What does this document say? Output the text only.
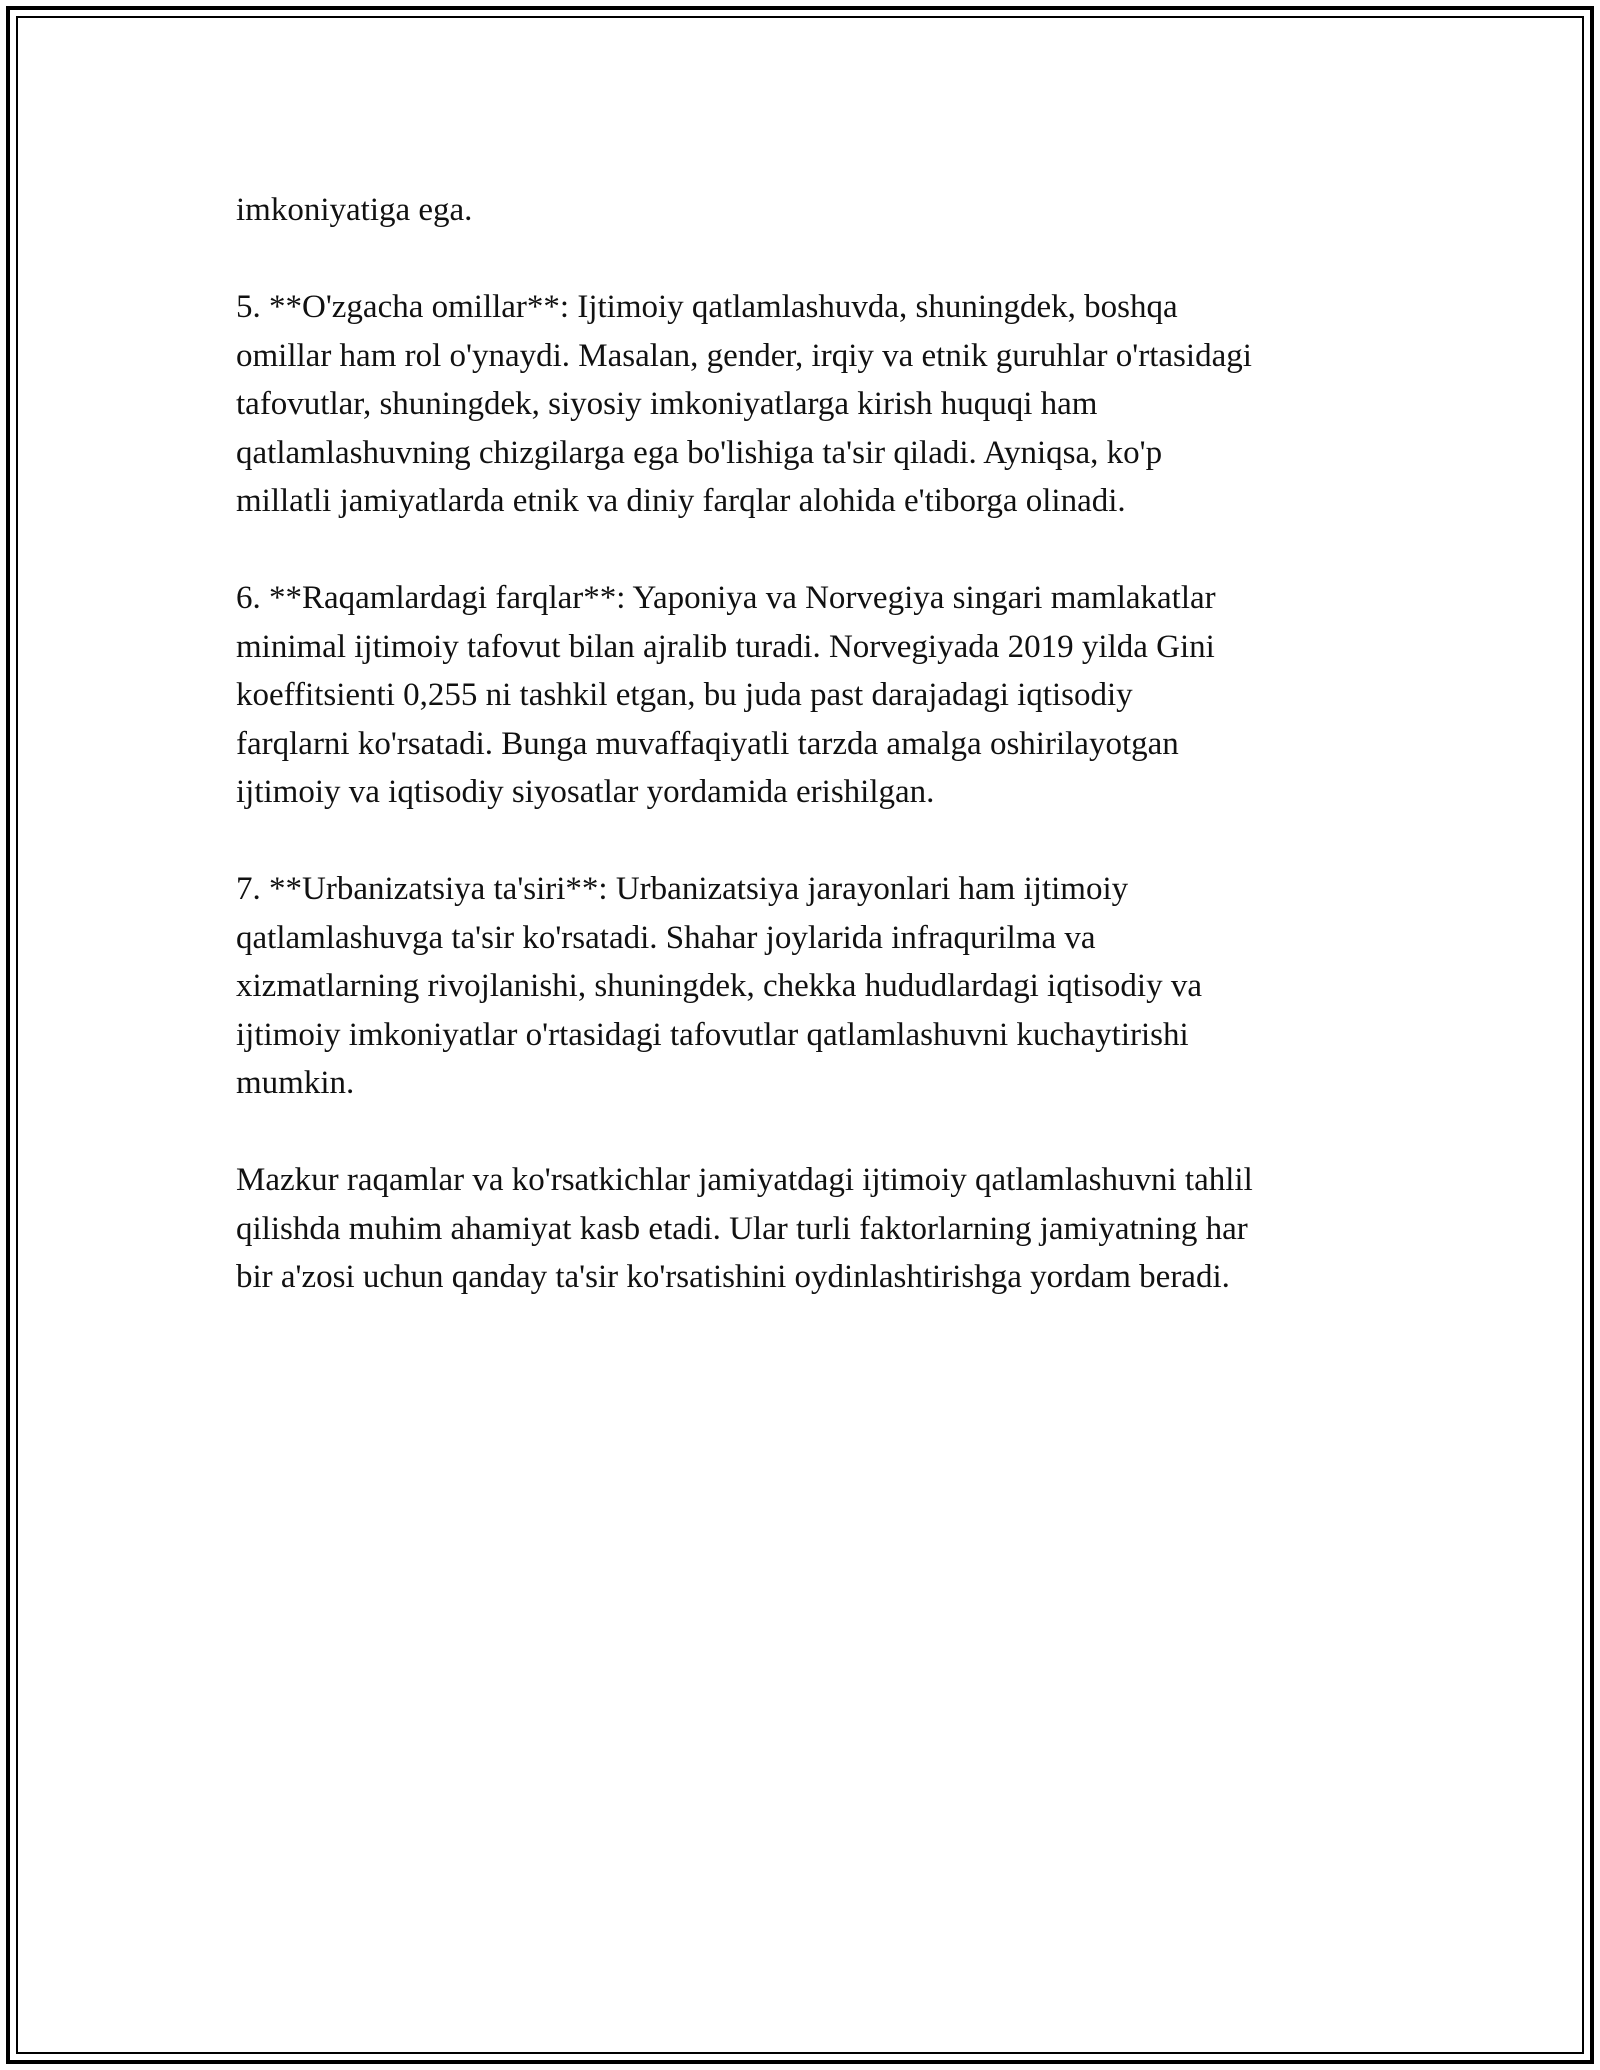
imkoniyatiga ega.

5. **O'zgacha omillar**: Ijtimoiy qatlamlashuvda, shuningdek, boshqa
omillar ham rol o'ynaydi. Masalan, gender, irqiy va etnik guruhlar o'rtasidagi
tafovutlar, shuningdek, siyosiy imkoniyatlarga kirish huquqi ham
qatlamlashuvning chizgilarga ega bo'lishiga ta'sir qiladi. Ayniqsa, ko'p
millatli jamiyatlarda etnik va diniy farqlar alohida e'tiborga olinadi.

6. **Raqamlardagi farqlar**: Yaponiya va Norvegiya singari mamlakatlar
minimal ijtimoiy tafovut bilan ajralib turadi. Norvegiyada 2019 yilda Gini
koeffitsienti 0,255 ni tashkil etgan, bu juda past darajadagi iqtisodiy
farqlarni ko'rsatadi. Bunga muvaffaqiyatli tarzda amalga oshirilayotgan
ijtimoiy va iqtisodiy siyosatlar yordamida erishilgan.

7. **Urbanizatsiya ta'siri**: Urbanizatsiya jarayonlari ham ijtimoiy
qatlamlashuvga ta'sir ko'rsatadi. Shahar joylarida infraqurilma va
xizmatlarning rivojlanishi, shuningdek, chekka hududlardagi iqtisodiy va
ijtimoiy imkoniyatlar o'rtasidagi tafovutlar qatlamlashuvni kuchaytirishi
mumkin.

Mazkur raqamlar va ko'rsatkichlar jamiyatdagi ijtimoiy qatlamlashuvni tahlil
qilishda muhim ahamiyat kasb etadi. Ular turli faktorlarning jamiyatning har
bir a'zosi uchun qanday ta'sir ko'rsatishini oydinlashtirishga yordam beradi.
